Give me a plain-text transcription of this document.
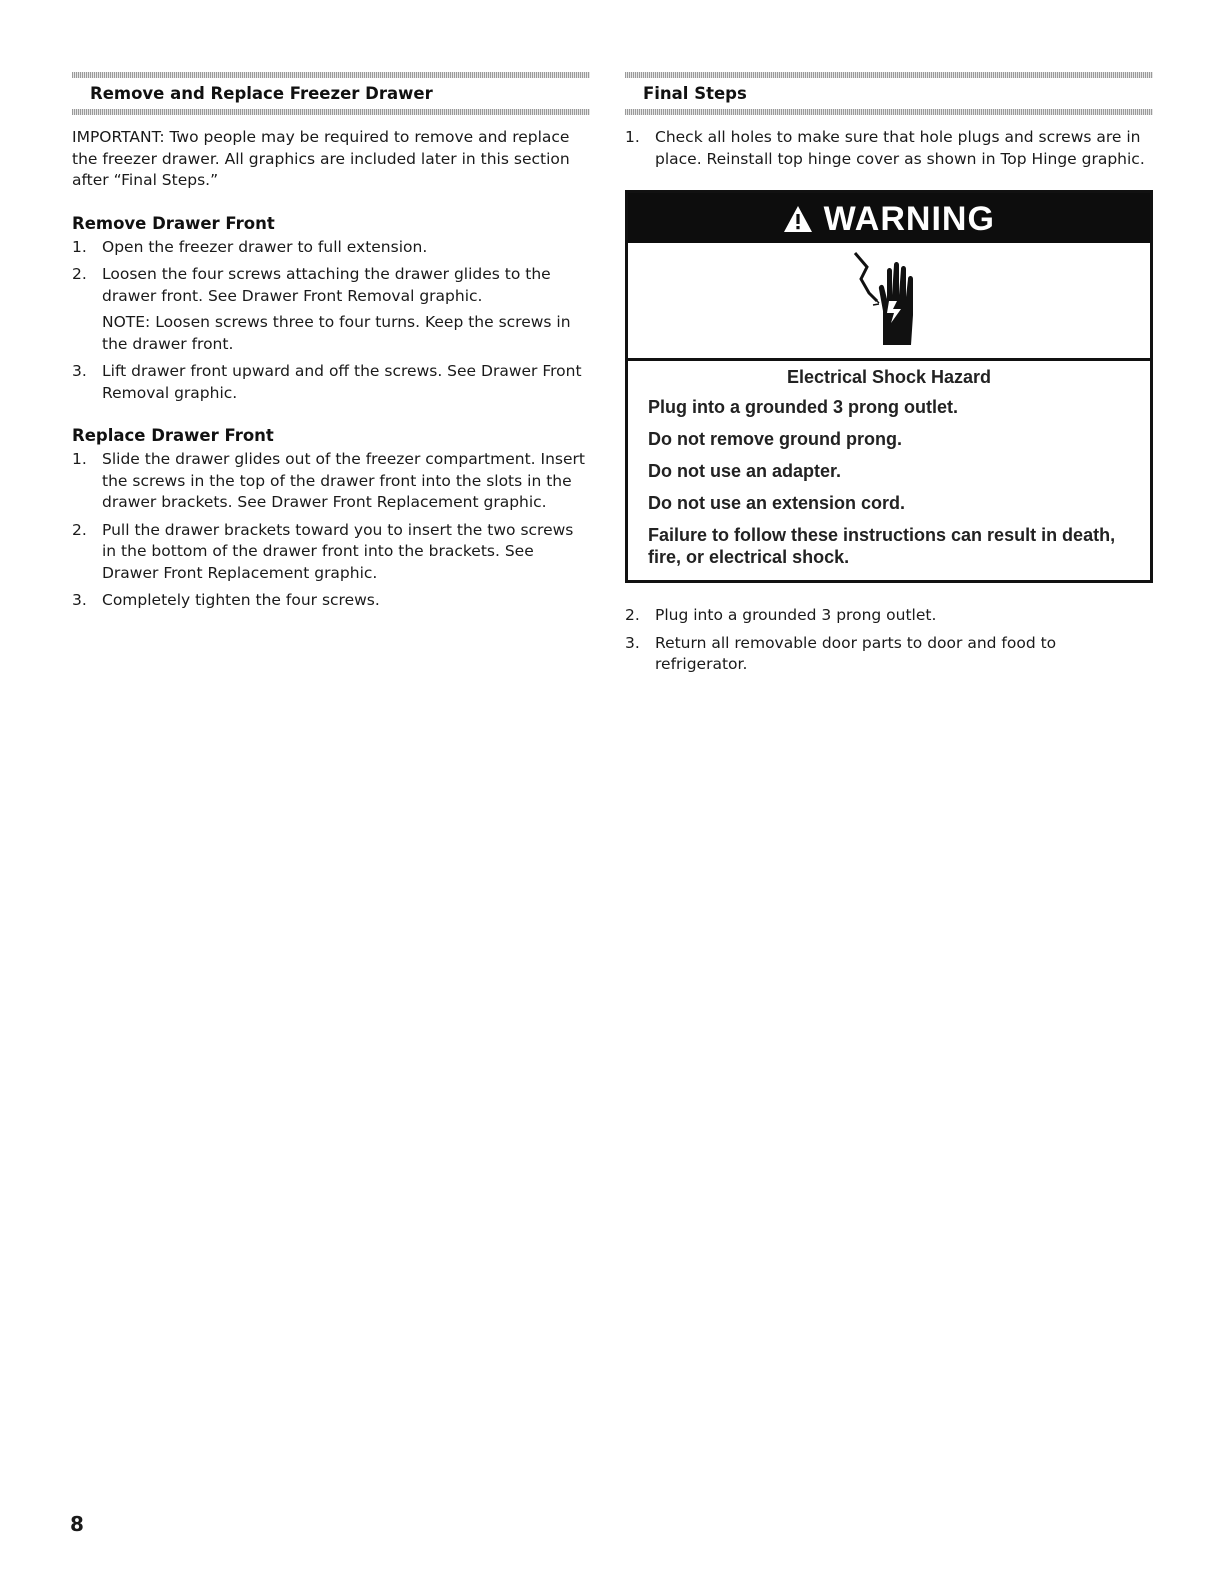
Remove and Replace Freezer Drawer

IMPORTANT: Two people may be required to remove and replace the freezer drawer. All graphics are included later in this section after “Final Steps.”

Remove Drawer Front
1. Open the freezer drawer to full extension.
2. Loosen the four screws attaching the drawer glides to the drawer front. See Drawer Front Removal graphic.
NOTE: Loosen screws three to four turns. Keep the screws in the drawer front.
3. Lift drawer front upward and off the screws. See Drawer Front Removal graphic.
Replace Drawer Front
1. Slide the drawer glides out of the freezer compartment. Insert the screws in the top of the drawer front into the slots in the drawer brackets. See Drawer Front Replacement graphic.
2. Pull the drawer brackets toward you to insert the two screws in the bottom of the drawer front into the brackets. See Drawer Front Replacement graphic.
3. Completely tighten the four screws.
Final Steps
1. Check all holes to make sure that hole plugs and screws are in place. Reinstall top hinge cover as shown in Top Hinge graphic.
WARNING
Electrical Shock Hazard
Plug into a grounded 3 prong outlet.
Do not remove ground prong.
Do not use an adapter.
Do not use an extension cord.
Failure to follow these instructions can result in death, fire, or electrical shock.
2. Plug into a grounded 3 prong outlet.
3. Return all removable door parts to door and food to refrigerator.
8
